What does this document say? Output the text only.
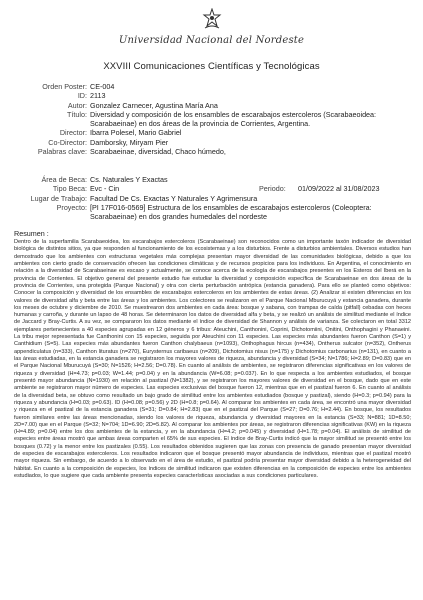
Universidad Nacional del Nordeste
XXVIII Comunicaciones Científicas y Tecnológicas
Orden Poster: CE-004
ID: 2113
Autor: Gonzalez Carnecer, Agustina María Ana
Título: Diversidad y composición de los ensambles de escarabajos estercoleros (Scarabaeoidea: Scarabaeinae) en dos áreas de la provincia de Corrientes, Argentina.
Director: Ibarra Polesel, Mario Gabriel
Co-Director: Damborsky, Miryam Pier
Palabras clave: Scarabaeinae, diversidad, Chaco húmedo,
Área de Beca: Cs. Naturales Y Exactas
Tipo Beca: Evc - Cin	Periodo: 01/09/2022 al 31/08/2023
Lugar de Trabajo: Facultad De Cs. Exactas Y Naturales Y Agrimensura
Proyecto: [PI 17F016-0569] Estructura de los ensambles de escarabajos estercoleros (Coleoptera: Scarabaeinae) en dos grandes humedales del nordeste
Resumen :

Dentro de la superfamilia Scarabaeoidea, los escarabajos estercoleros (Scarabaeinae) son reconocidos como un importante taxón indicador de diversidad biológica de distintos sitios, ya que responden al funcionamiento de los ecosistemas y a los disturbios. Frente a disturbios ambientales. Diversos estudios han demostrado que los ambientes con estructuras vegetales más complejas presentan mayor diversidad de las comunidades biológicas, debido a que los ambientes con cierto grado de conservación ofrecen las condiciones climáticas y de recursos propicios para los individuos. En Argentina, el conocimiento en relación a la diversidad de Scarabaeinae es escaso y actualmente, se conoce acerca de la ecología de escarabajos presentes en los Esteros del Iberá en la provincia de Corrientes. El objetivo general del presente estudio fue estudiar la diversidad y composición específica de Scarabaeinae en dos áreas de la provincia de Corrientes, una protegida (Parque Nacional) y otra con cierta perturbación antrópica (estancia ganadera). Para ello se planteó como objetivos: Conocer la composición y diversidad de los ensambles de escarabajos estercoleros en los ambientes de estas áreas. (2) Analizar si existen diferencias en los valores de diversidad alfa y beta entre las áreas y los ambientes. Los colectores se realizaron en el Parque Nacional Mburucuyá y estancia ganadera, durante los meses de octubre y diciembre de 2010. Se muestrearon dos ambientes en cada área: bosque y sabana, con trampas de caída (pitfall) cebadas con heces humanas y carroña, y durante un lapso de 48 horas. Se determinaron los datos de diversidad alfa y beta, y se realizó un análisis de similitud mediante el índice de Jaccard y Bray-Curtis. A su vez, se compararon los datos mediante el índice de diversidad de Shannon y análisis de varianza. Se colectaron en total 3312 ejemplares pertenecientes a 40 especies agrupadas en 12 géneros y 6 tribus: Ateuchini, Canthonini, Coprini, Dichotomiini, Onitini, Onthophagini y Phanaeini. La tribu mejor representada fue Canthonini con 15 especies, seguida por Ateuchini con 11 especies. Las especies más abundantes fueron Canthon (S=1) y Canthidium (S=5). Las especies más abundantes fueron Canthon chalybaeus (n=1093), Onthophagus hircus (n=434), Ontherus sulcator (n=352), Ontherus appendiculatus (n=333), Canthon lituratus (n=270), Eurysternus caribaeus (n=209), Dichotomius nisus (n=175) y Dichotomius carbonarius (n=131), en cuanto a las áreas estudiadas, en la estancia ganadera se registraron los mayores valores de riqueza, abundancia y diversidad (S=34; N=1786; H=2.89; D=0.83) que en el Parque Nacional Mburucuyá (S=30; N=1526; H=2.56; D=0.78). En cuanto al análisis de ambientes, se registraron diferencias significativas en los valores de riqueza y diversidad (H=4.73; p=0.03; W=1.44; p=0.04) y en la abundancia (W=6.08; p=0.037). En lo que respecta a los ambientes estudiados, el bosque presentó mayor abundancia (N=1930) en relación al pastizal (N=1382), y se registraron los mayores valores de diversidad en el bosque, dado que en este ambiente se registraron mayor número de especies. Las especies exclusivas del bosque fueron 12, mientras que en el pastizal fueron 6. En cuanto al análisis de la diversidad beta, se obtuvo como resultado un bajo grado de similitud entre los ambientes estudiados (bosque y pastizal), siendo (H=0.3; p=0.94) para la riqueza y abundancia (H=0.03; p=0.63). ID (H=0.08; p=0.56) y 2D (H=0.8; p=0.64). Al comparar los ambientes en cada área, se encontró una mayor diversidad y riqueza en el pastizal de la estancia ganadera (S=31; D=0.84; H=2.83) que en el pastizal del Parque (S=27; D=0.76; H=2.44). En bosque, los resultados fueron similares entre las áreas mencionadas, siendo los valores de riqueza, abundancia y diversidad mayores en la estancia (S=33; N=881; 1D=8.50; 2D=7.00) que en el Parque (S=32; N=704; 1D=6.90; 2D=5.82). Al comparar los ambientes por áreas, se registraron diferencias significativas (KW) en la riqueza (H=4.89; p=0.04) entre los dos ambientes de la estancia, y en la abundancia (H=4.2; p=0.045) y diversidad (H=1.78; p=0.04). El análisis de similitud de especies entre áreas mostró que ambas áreas comparten el 65% de sus especies. El índice de Bray-Curtis indicó que la mayor similitud se presentó entre los bosques (0.72) y la menor entre los pastizales (0.55). Los resultados obtenidos sugieren que las zonas con presencia de ganado presentan mayor diversidad de especies de escarabajos estercoleros. Los resultados indicaron que el bosque presentó mayor abundancia de individuos, mientras que el pastizal mostró mayor riqueza. Sin embargo, de acuerdo a lo observado en el área de estudio, el pastizal podría presentar mayor diversidad debido a la heterogeneidad del hábitat. En cuanto a la composición de especies, los índices de similitud indicaron que existen diferencias en la composición de especies entre los ambientes estudiados, lo que sugiere que cada ambiente presenta especies características asociadas a sus condiciones particulares.
